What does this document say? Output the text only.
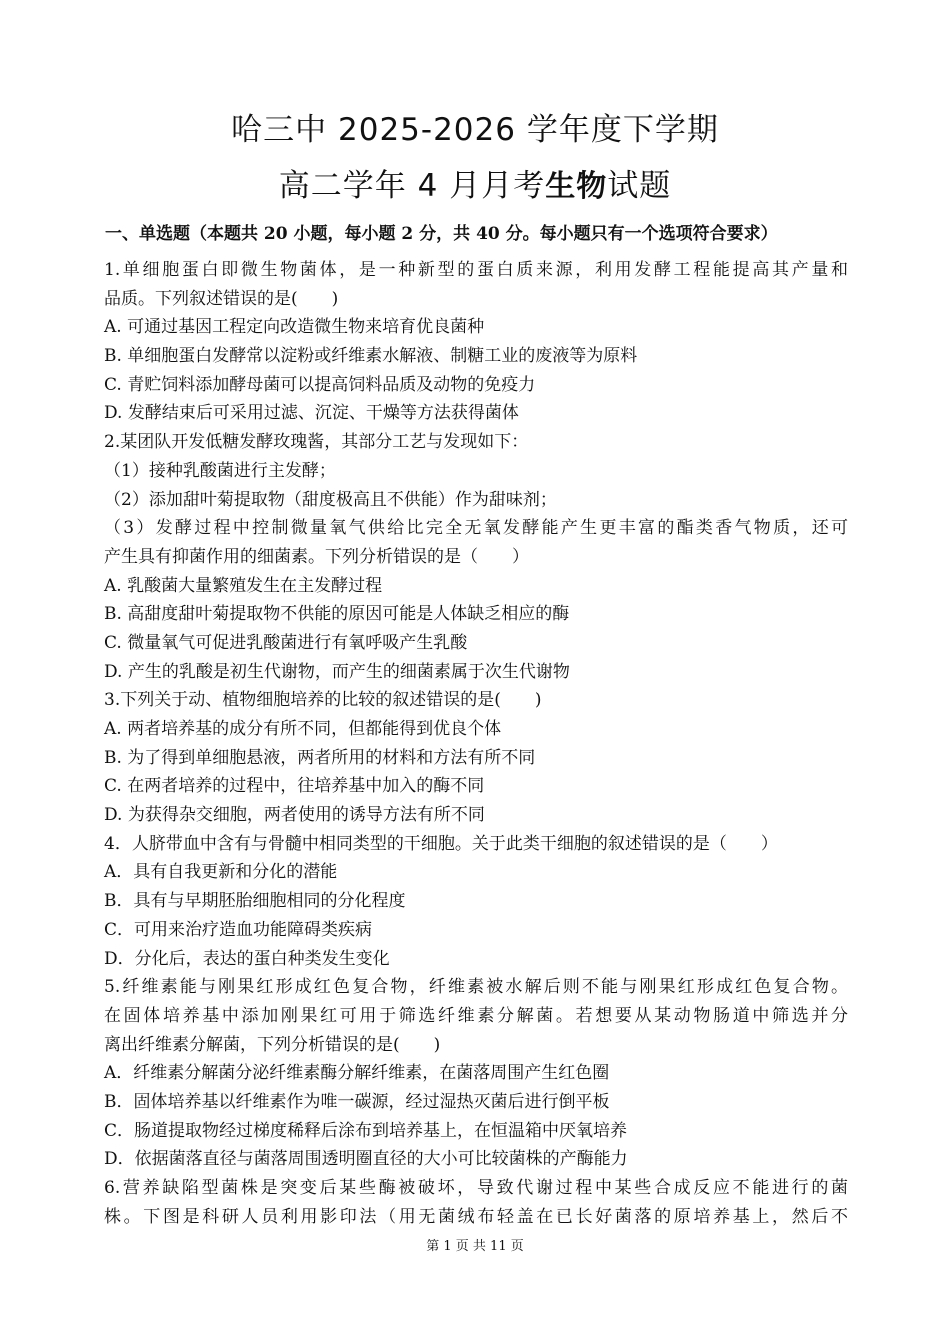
哈三中 2025-2026 学年度下学期
高二学年 4 月月考生物试题
一、单选题（本题共 20 小题，每小题 2 分，共 40 分。每小题只有一个选项符合要求）
1.单细胞蛋白即微生物菌体，是一种新型的蛋白质来源，利用发酵工程能提高其产量和
品质。下列叙述错误的是(　　)
A. 可通过基因工程定向改造微生物来培育优良菌种
B. 单细胞蛋白发酵常以淀粉或纤维素水解液、制糖工业的废液等为原料
C. 青贮饲料添加酵母菌可以提高饲料品质及动物的免疫力
D. 发酵结束后可采用过滤、沉淀、干燥等方法获得菌体
2.某团队开发低糖发酵玫瑰酱，其部分工艺与发现如下：
（1）接种乳酸菌进行主发酵；
（2）添加甜叶菊提取物（甜度极高且不供能）作为甜味剂；
（3）发酵过程中控制微量氧气供给比完全无氧发酵能产生更丰富的酯类香气物质，还可
产生具有抑菌作用的细菌素。下列分析错误的是（　　）
A. 乳酸菌大量繁殖发生在主发酵过程
B. 高甜度甜叶菊提取物不供能的原因可能是人体缺乏相应的酶
C. 微量氧气可促进乳酸菌进行有氧呼吸产生乳酸
D. 产生的乳酸是初生代谢物，而产生的细菌素属于次生代谢物
3.下列关于动、植物细胞培养的比较的叙述错误的是(　　)
A. 两者培养基的成分有所不同，但都能得到优良个体
B. 为了得到单细胞悬液，两者所用的材料和方法有所不同
C. 在两者培养的过程中，往培养基中加入的酶不同
D. 为获得杂交细胞，两者使用的诱导方法有所不同
4．人脐带血中含有与骨髓中相同类型的干细胞。关于此类干细胞的叙述错误的是（　　）
A．具有自我更新和分化的潜能
B．具有与早期胚胎细胞相同的分化程度
C．可用来治疗造血功能障碍类疾病
D．分化后，表达的蛋白种类发生变化
5.纤维素能与刚果红形成红色复合物，纤维素被水解后则不能与刚果红形成红色复合物。
在固体培养基中添加刚果红可用于筛选纤维素分解菌。若想要从某动物肠道中筛选并分
离出纤维素分解菌，下列分析错误的是(　　)
A．纤维素分解菌分泌纤维素酶分解纤维素，在菌落周围产生红色圈
B．固体培养基以纤维素作为唯一碳源，经过湿热灭菌后进行倒平板
C．肠道提取物经过梯度稀释后涂布到培养基上，在恒温箱中厌氧培养
D．依据菌落直径与菌落周围透明圈直径的大小可比较菌株的产酶能力
6.营养缺陷型菌株是突变后某些酶被破坏，导致代谢过程中某些合成反应不能进行的菌
株。下图是科研人员利用影印法（用无菌绒布轻盖在已长好菌落的原培养基上，然后不
第 1 页 共 11 页
